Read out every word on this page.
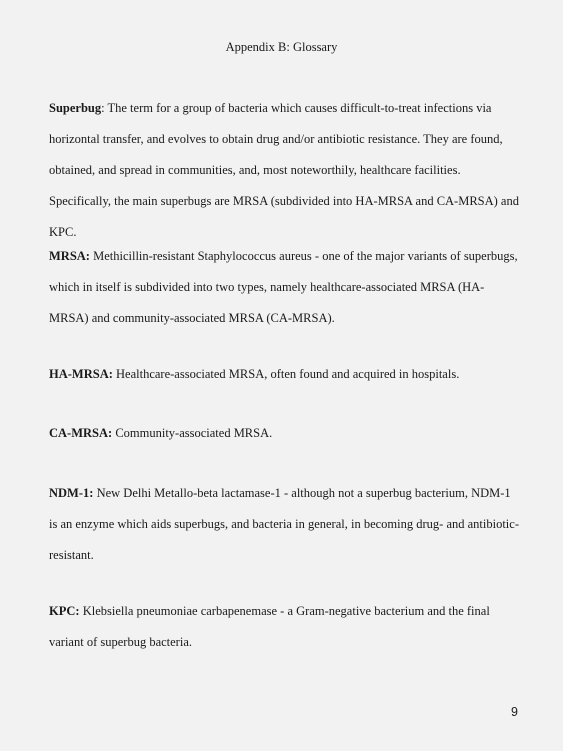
Appendix B: Glossary

Superbug: The term for a group of bacteria which causes difficult-to-treat infections via horizontal transfer, and evolves to obtain drug and/or antibiotic resistance. They are found, obtained, and spread in communities, and, most noteworthily, healthcare facilities. Specifically, the main superbugs are MRSA (subdivided into HA-MRSA and CA-MRSA) and KPC.

MRSA: Methicillin-resistant Staphylococcus aureus - one of the major variants of superbugs, which in itself is subdivided into two types, namely healthcare-associated MRSA (HA-MRSA) and community-associated MRSA (CA-MRSA).

HA-MRSA: Healthcare-associated MRSA, often found and acquired in hospitals.

CA-MRSA: Community-associated MRSA.

NDM-1: New Delhi Metallo-beta lactamase-1 - although not a superbug bacterium, NDM-1 is an enzyme which aids superbugs, and bacteria in general, in becoming drug- and antibiotic-resistant.

KPC: Klebsiella pneumoniae carbapenemase - a Gram-negative bacterium and the final variant of superbug bacteria.

9
